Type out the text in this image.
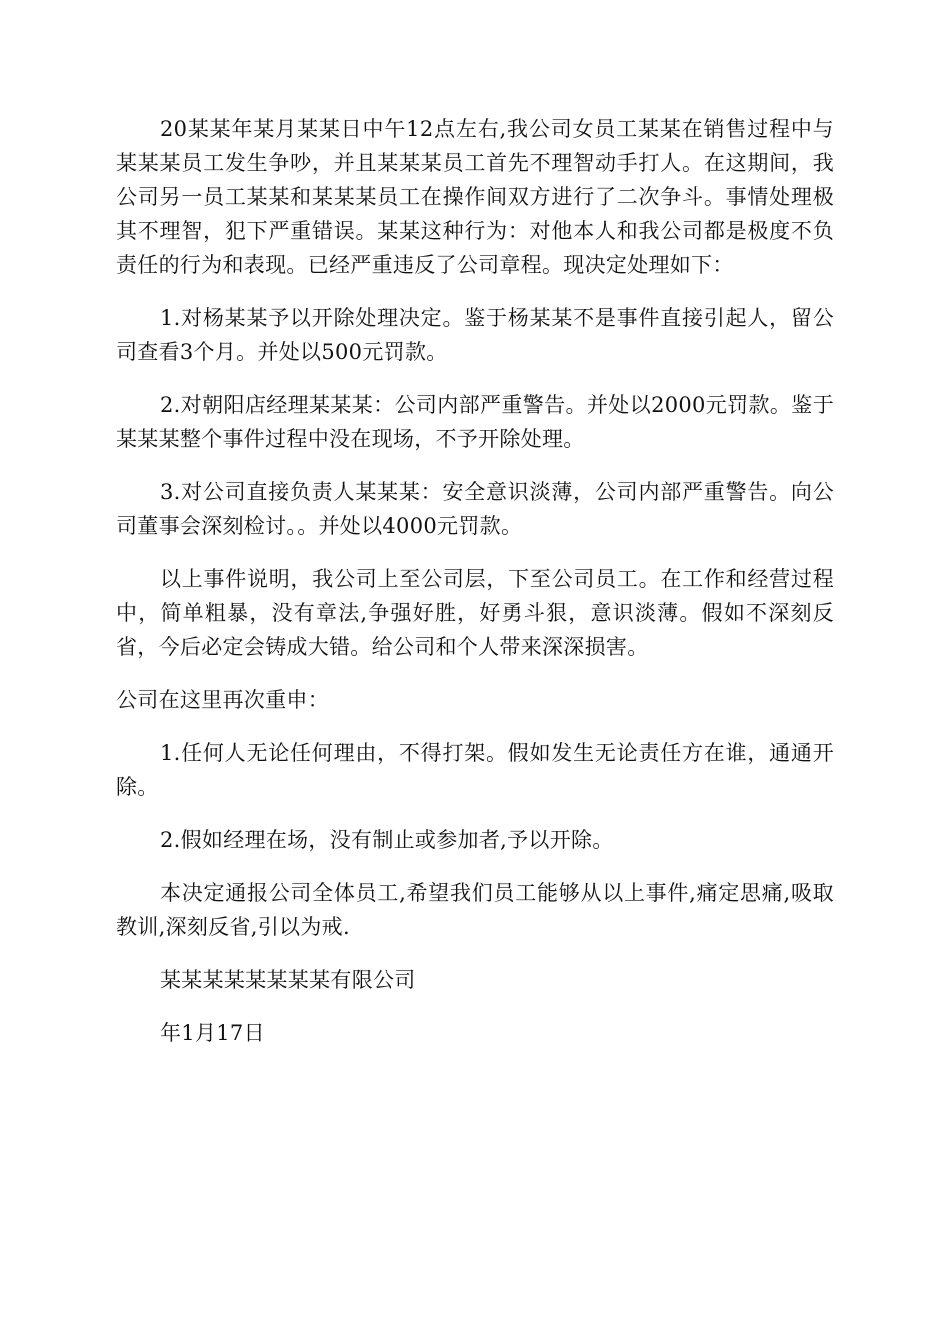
20某某年某月某某日中午12点左右,我公司女员工某某在销售过程中与某某某员工发生争吵，并且某某某员工首先不理智动手打人。在这期间，我公司另一员工某某和某某某员工在操作间双方进行了二次争斗。事情处理极其不理智，犯下严重错误。某某这种行为：对他本人和我公司都是极度不负责任的行为和表现。已经严重违反了公司章程。现决定处理如下：

1.对杨某某予以开除处理决定。鉴于杨某某不是事件直接引起人，留公司查看3个月。并处以500元罚款。

2.对朝阳店经理某某某：公司内部严重警告。并处以2000元罚款。鉴于某某某整个事件过程中没在现场，不予开除处理。

3.对公司直接负责人某某某：安全意识淡薄，公司内部严重警告。向公司董事会深刻检讨。。并处以4000元罚款。

以上事件说明，我公司上至公司层，下至公司员工。在工作和经营过程中，简单粗暴，没有章法,争强好胜，好勇斗狠，意识淡薄。假如不深刻反省，今后必定会铸成大错。给公司和个人带来深深损害。

公司在这里再次重申：

1.任何人无论任何理由，不得打架。假如发生无论责任方在谁，通通开除。

2.假如经理在场，没有制止或参加者,予以开除。

本决定通报公司全体员工,希望我们员工能够从以上事件,痛定思痛,吸取教训,深刻反省,引以为戒.

某某某某某某某某有限公司

年1月17日
